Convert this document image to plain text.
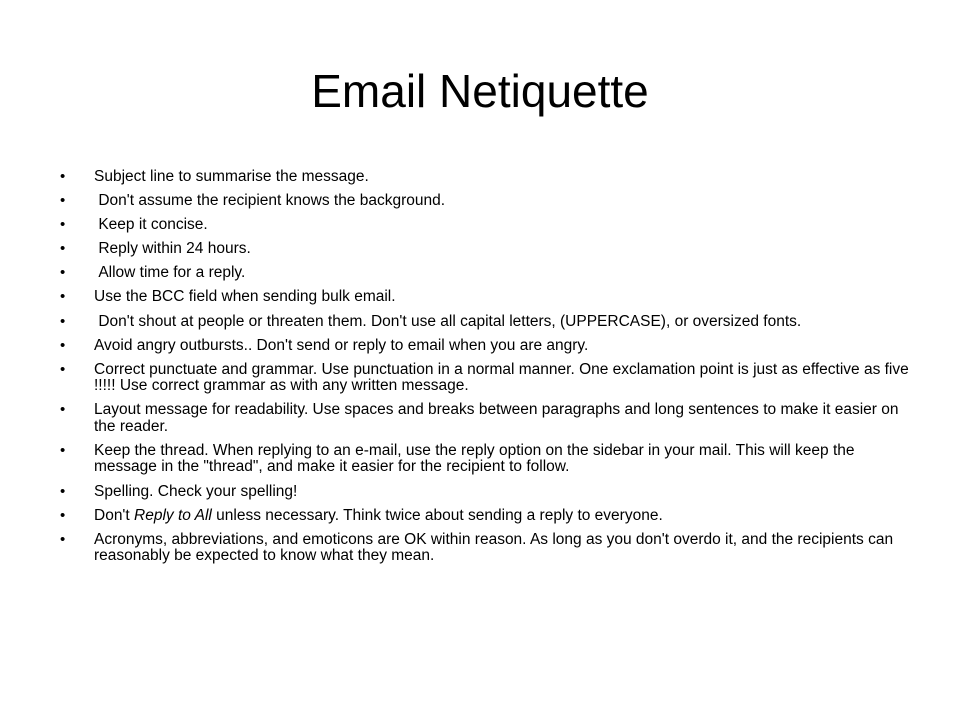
Email Netiquette
• Subject line to summarise the message.
• Don't assume the recipient knows the background.
• Keep it concise.
• Reply within 24 hours.
• Allow time for a reply.
• Use the BCC field when sending bulk email.
• Don't shout at people or threaten them. Don't use all capital letters, (UPPERCASE), or oversized fonts.
• Avoid angry outbursts.. Don't send or reply to email when you are angry.
• Correct punctuate and grammar. Use punctuation in a normal manner. One exclamation point is just as effective as five !!!!! Use correct grammar as with any written message.
• Layout message for readability. Use spaces and breaks between paragraphs and long sentences to make it easier on the reader.
• Keep the thread. When replying to an e-mail, use the reply option on the sidebar in your mail. This will keep the message in the "thread", and make it easier for the recipient to follow.
• Spelling. Check your spelling!
• Don't Reply to All unless necessary. Think twice about sending a reply to everyone.
• Acronyms, abbreviations, and emoticons are OK within reason. As long as you don't overdo it, and the recipients can reasonably be expected to know what they mean.
